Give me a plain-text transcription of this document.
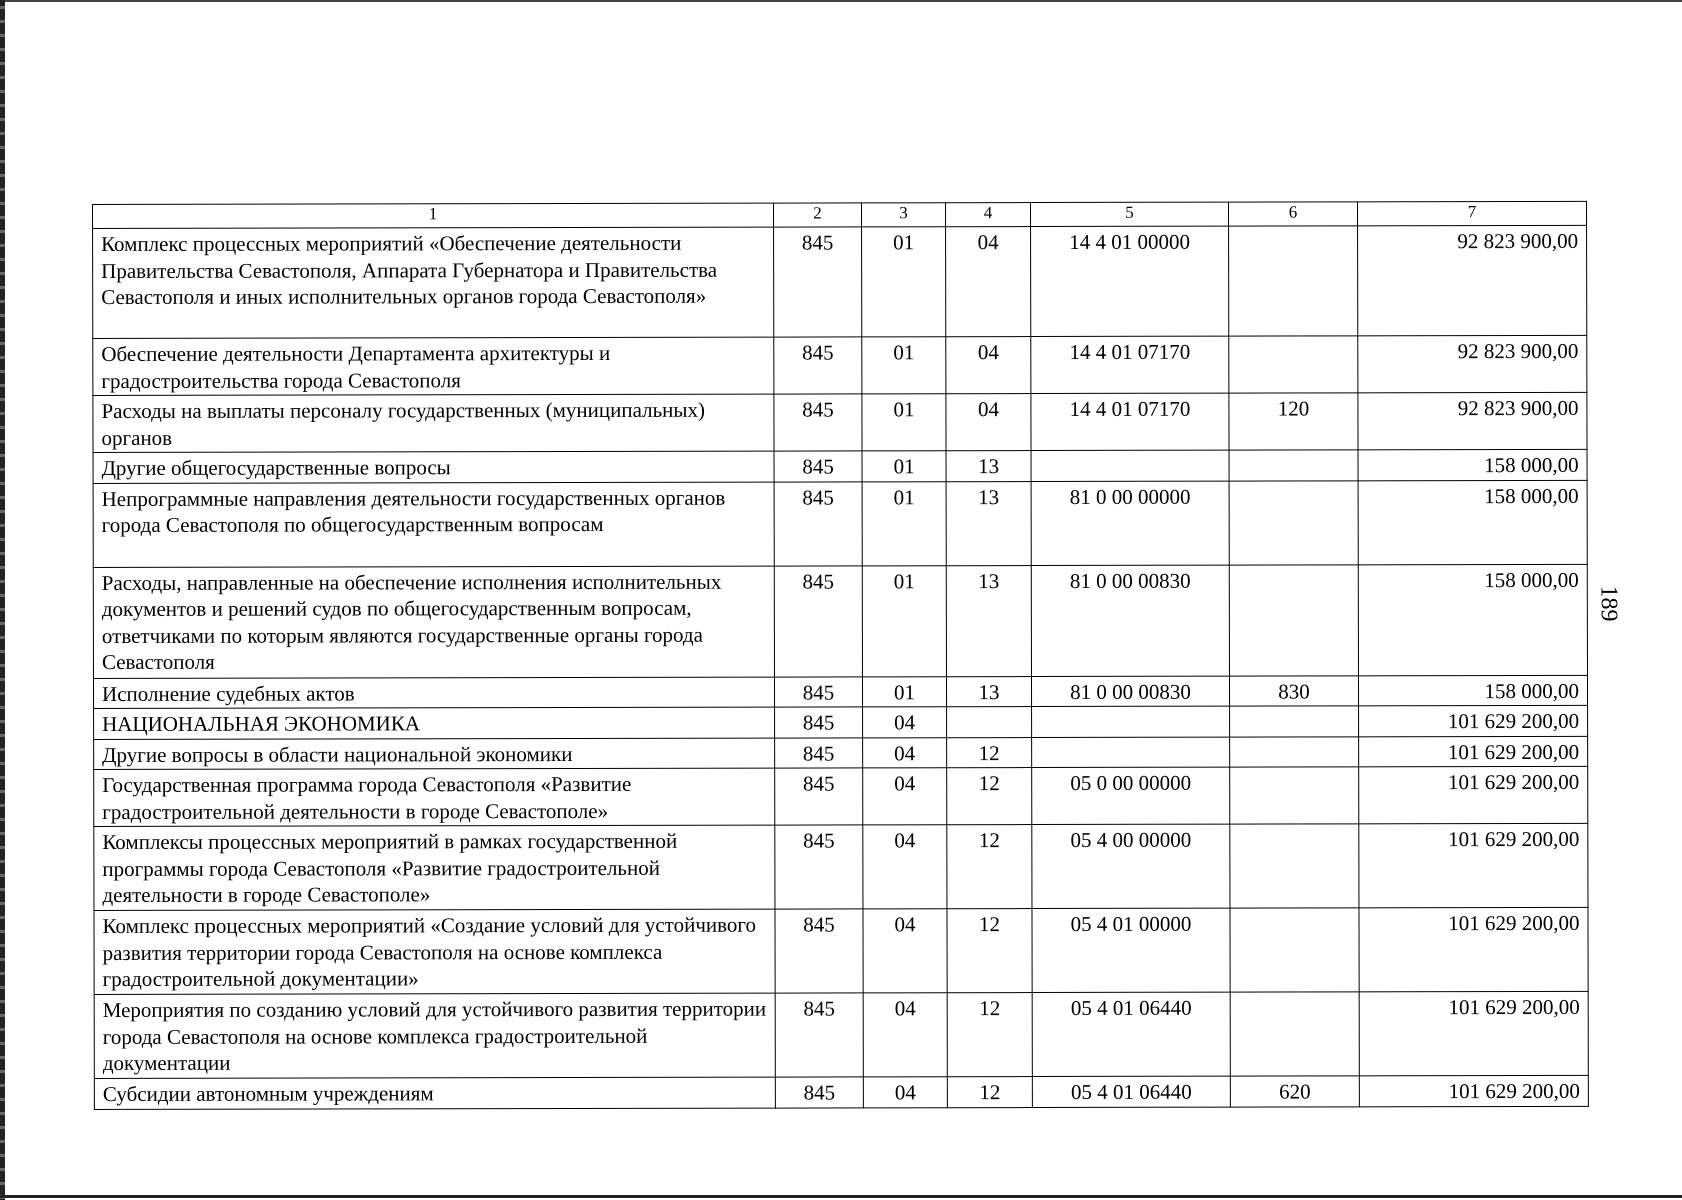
189
1	2	3	4	5	6	7
Комплекс процессных мероприятий «Обеспечение деятельности Правительства Севастополя, Аппарата Губернатора и Правительства Севастополя и иных исполнительных органов города Севастополя»	845	01	04	14 4 01 00000		92 823 900,00
Обеспечение деятельности Департамента архитектуры и градостроительства города Севастополя	845	01	04	14 4 01 07170		92 823 900,00
Расходы на выплаты персоналу государственных (муниципальных) органов	845	01	04	14 4 01 07170	120	92 823 900,00
Другие общегосударственные вопросы	845	01	13			158 000,00
Непрограммные направления деятельности государственных органов города Севастополя по общегосударственным вопросам	845	01	13	81 0 00 00000		158 000,00
Расходы, направленные на обеспечение исполнения исполнительных документов и решений судов по общегосударственным вопросам, ответчиками по которым являются государственные органы города Севастополя	845	01	13	81 0 00 00830		158 000,00
Исполнение судебных актов	845	01	13	81 0 00 00830	830	158 000,00
НАЦИОНАЛЬНАЯ ЭКОНОМИКА	845	04				101 629 200,00
Другие вопросы в области национальной экономики	845	04	12			101 629 200,00
Государственная программа города Севастополя «Развитие градостроительной деятельности в городе Севастополе»	845	04	12	05 0 00 00000		101 629 200,00
Комплексы процессных мероприятий в рамках государственной программы города Севастополя «Развитие градостроительной деятельности в городе Севастополе»	845	04	12	05 4 00 00000		101 629 200,00
Комплекс процессных мероприятий «Создание условий для устойчивого развития территории города Севастополя на основе комплекса градостроительной документации»	845	04	12	05 4 01 00000		101 629 200,00
Мероприятия по созданию условий для устойчивого развития территории города Севастополя на основе комплекса градостроительной документации	845	04	12	05 4 01 06440		101 629 200,00
Субсидии автономным учреждениям	845	04	12	05 4 01 06440	620	101 629 200,00
